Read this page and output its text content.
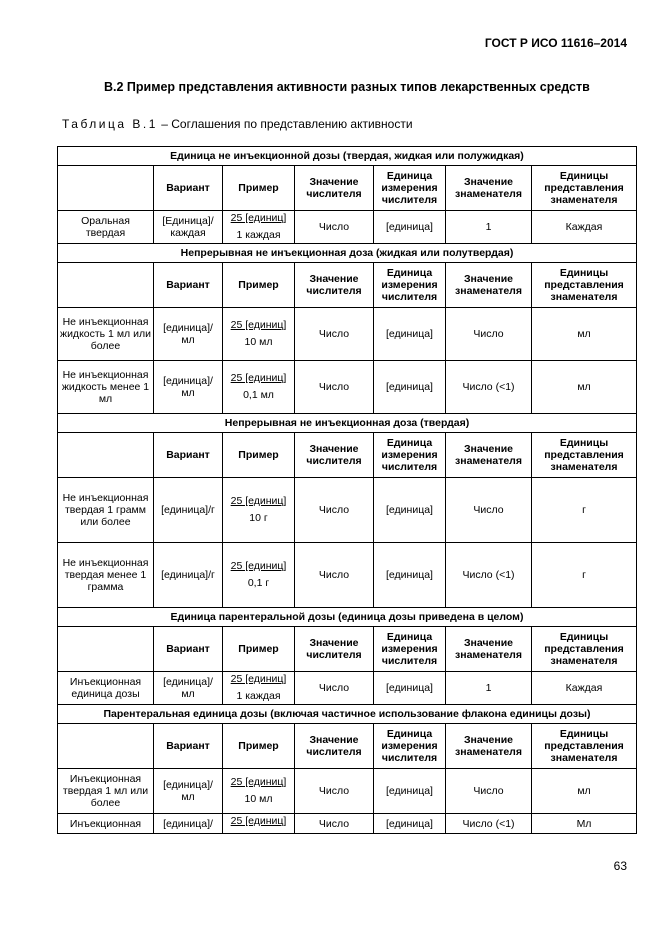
ГОСТ Р ИСО 11616–2014
B.2 Пример представления активности разных типов лекарственных средств
Таблица B.1 – Соглашения по представлению активности
Единица не инъекционной дозы (твердая, жидкая или полужидкая)						
	Вариант	Пример	Значение числителя	Единица измерения числителя	Значение знаменателя	Единицы представления знаменателя
Оральная твердая	[Единица]/ каждая	$\frac{\text{25 [единиц]}}{\text{1 каждая}}$	Число	[единица]	1	Каждая
Непрерывная не инъекционная доза (жидкая или полутвердая)						
	Вариант	Пример	Значение числителя	Единица измерения числителя	Значение знаменателя	Единицы представления знаменателя
Не инъекционная жидкость 1 мл или более	[единица]/ мл	$\frac{\text{25 [единиц]}}{10 мл}$	Число	[единица]	Число	мл
Не инъекционная жидкость менее 1 мл	[единица]/ мл	$\frac{\text{25 [единиц]}}{0,1 мл}$	Число	[единица]	Число (<1)	мл
Непрерывная не инъекционная доза (твердая)						
	Вариант	Пример	Значение числителя	Единица измерения числителя	Значение знаменателя	Единицы представления знаменателя
Не инъекционная твердая 1 грамм или более	[единица]/г	$\frac{\text{25 [единиц]}}{10 г}$	Число	[единица]	Число	г
Не инъекционная твердая менее 1 грамма	[единица]/г	$\frac{\text{25 [единиц]}}{0,1 г}$	Число	[единица]	Число (<1)	г
Единица парентеральной дозы (единица дозы приведена в целом)						
	Вариант	Пример	Значение числителя	Единица измерения числителя	Значение знаменателя	Единицы представления знаменателя
Инъекционная единица дозы	[единица]/ мл	$\frac{\text{25 [единиц]}}{\text{1 каждая}}$	Число	[единица]	1	Каждая
Парентеральная единица дозы (включая частичное использование флакона единицы дозы)						
	Вариант	Пример	Значение числителя	Единица измерения числителя	Значение знаменателя	Единицы представления знаменателя
Инъекционная твердая 1 мл или более	[единица]/ мл	$\frac{\text{25 [единиц]}}{10 мл}$	Число	[единица]	Число	мл
Инъекционная	[единица]/	25 [единиц]	Число	[единица]	Число (<1)	Мл
63
